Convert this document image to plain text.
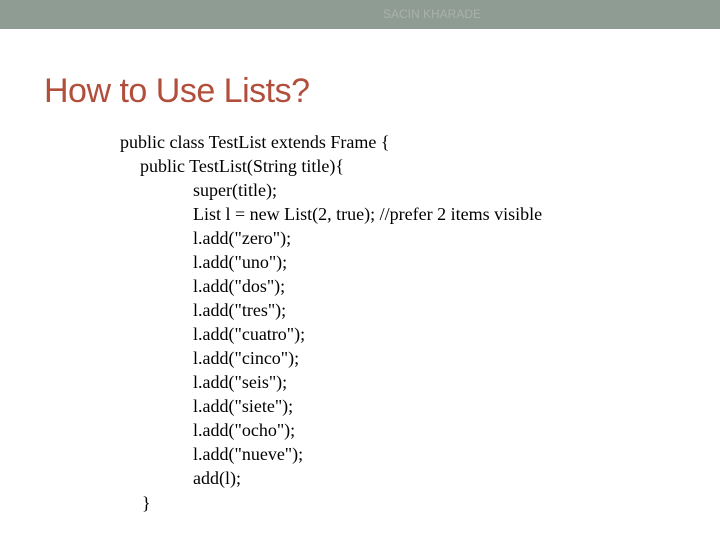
SACIN KHARADE
How to Use Lists?
public class TestList extends Frame {
public TestList(String title){
super(title);
List l = new List(2, true); //prefer 2 items visible
l.add("zero");
l.add("uno");
l.add("dos");
l.add("tres");
l.add("cuatro");
l.add("cinco");
l.add("seis");
l.add("siete");
l.add("ocho");
l.add("nueve");
add(l);
}
